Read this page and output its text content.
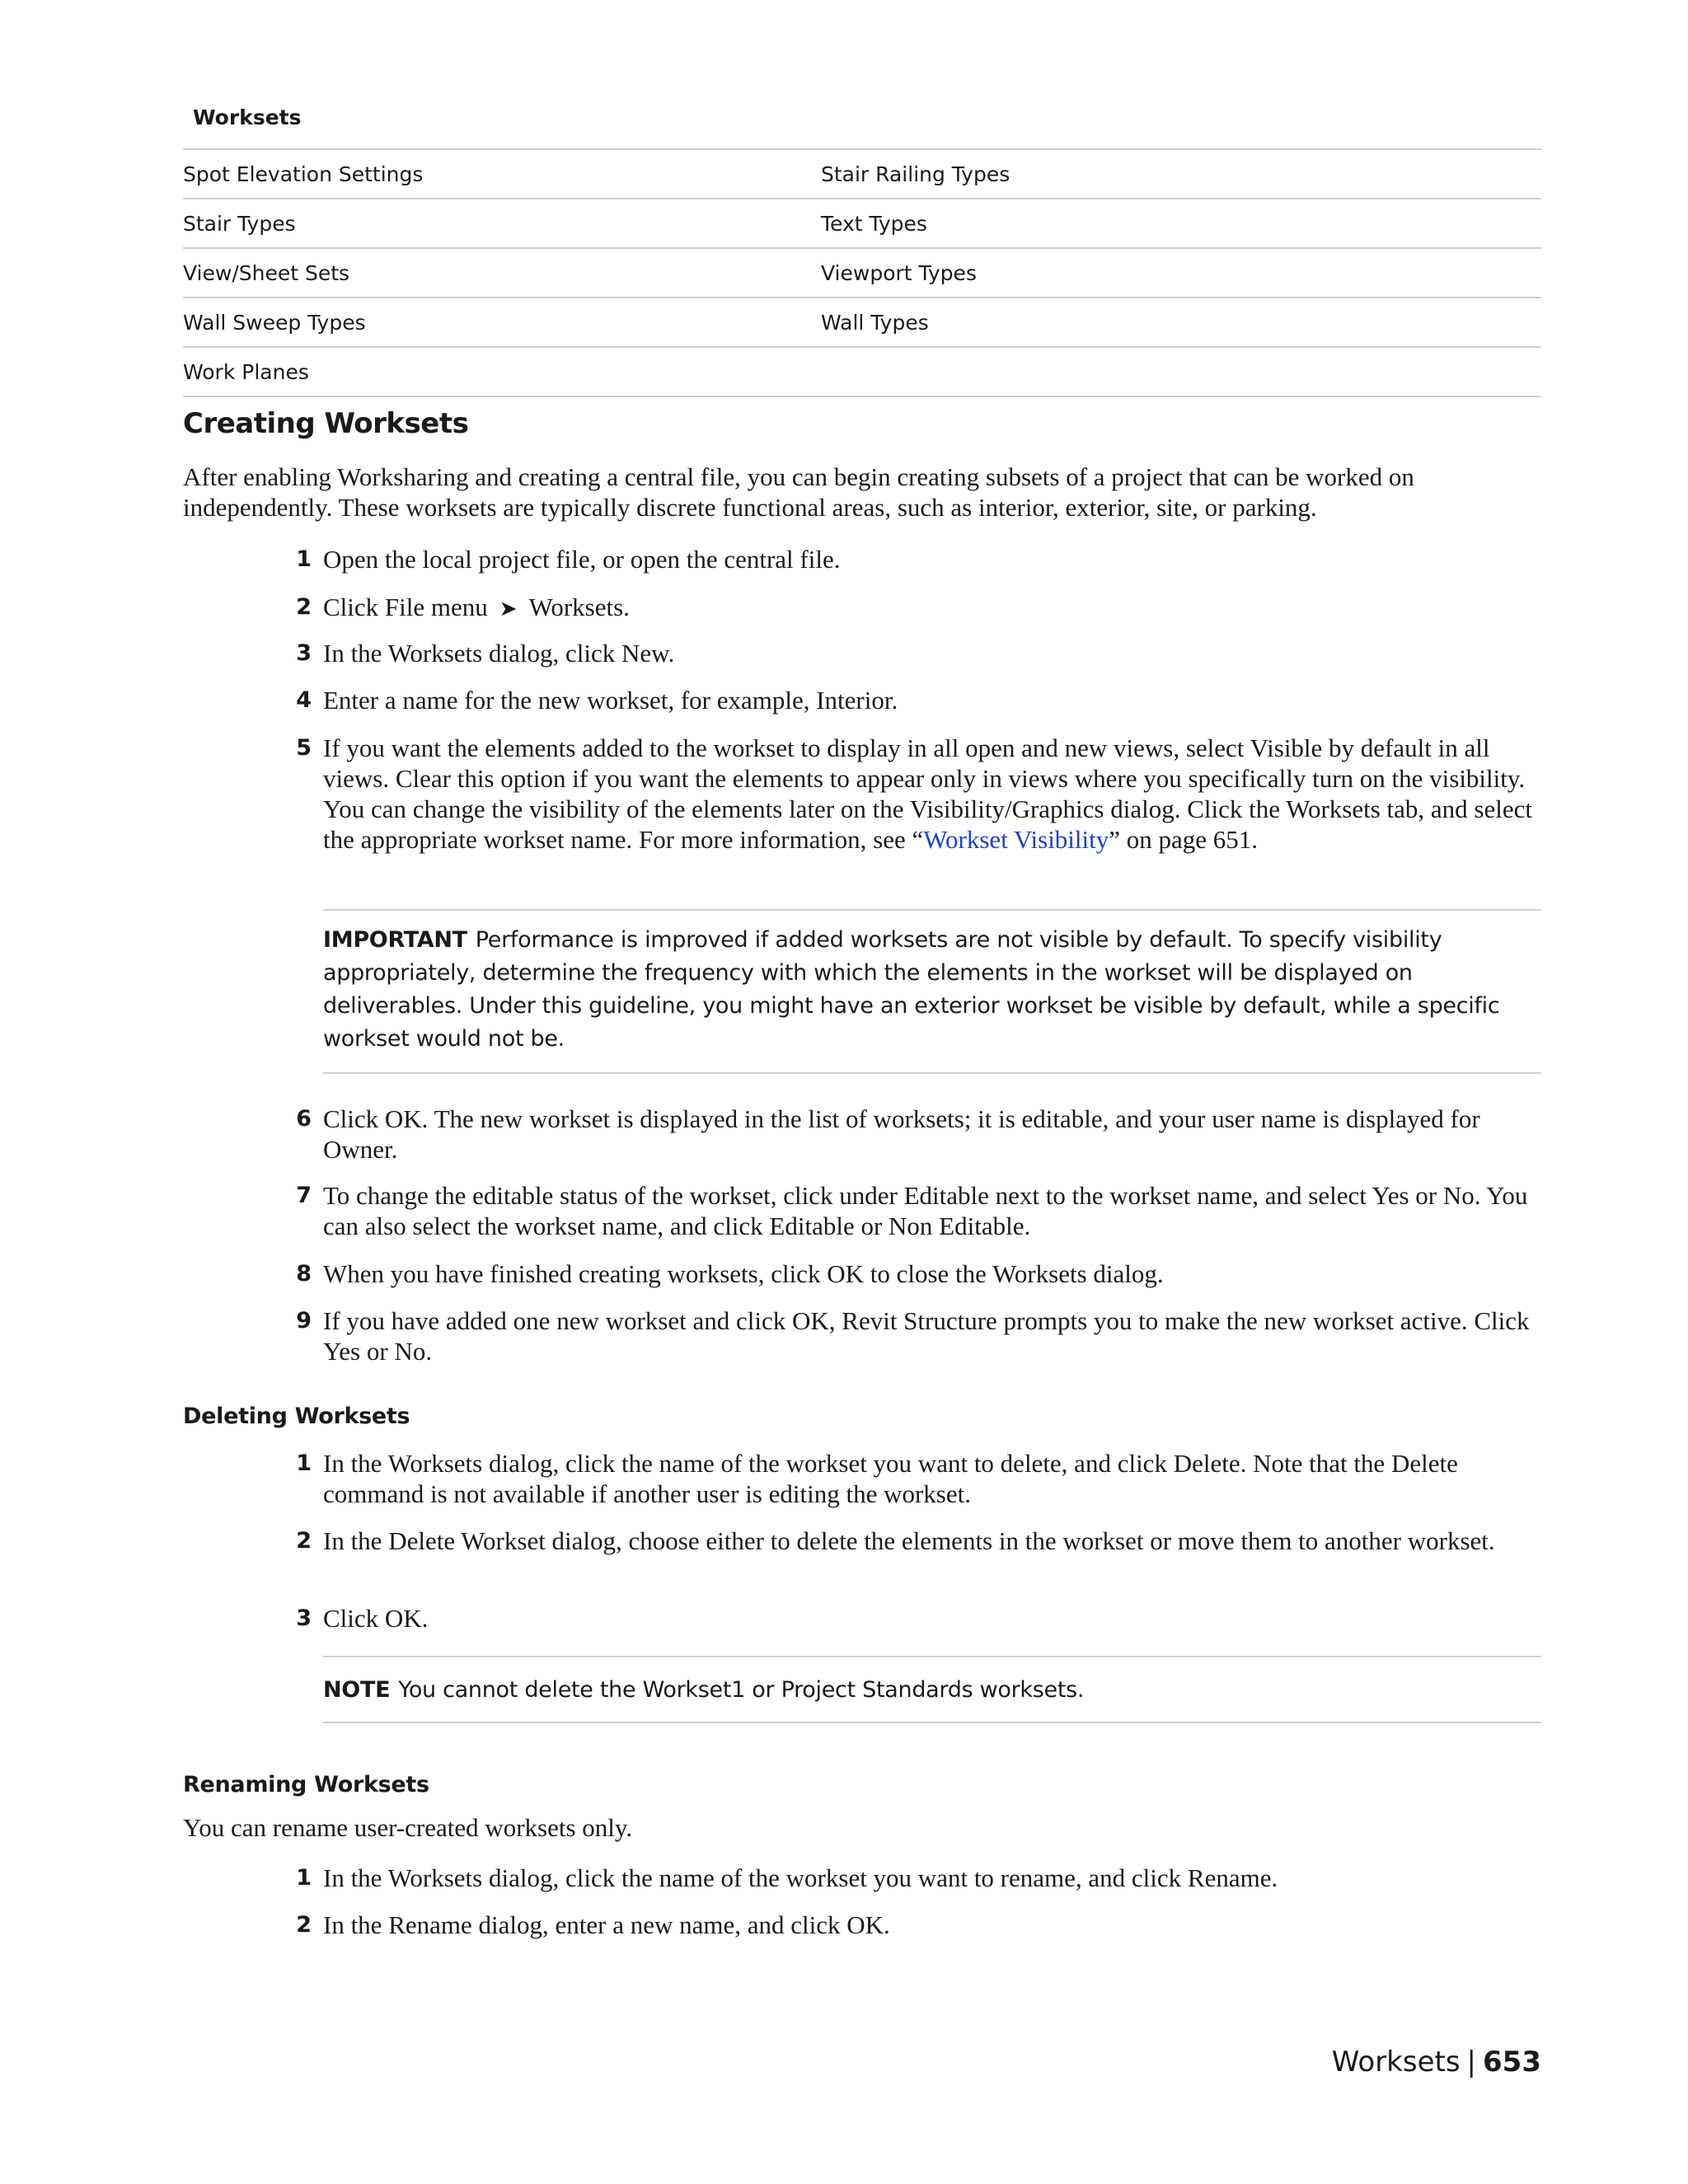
Worksets
Spot Elevation Settings	Stair Railing Types
Stair Types	Text Types
View/Sheet Sets	Viewport Types
Wall Sweep Types	Wall Types
Work Planes	
Creating Worksets

After enabling Worksharing and creating a central file, you can begin creating subsets of a project that can be worked on independently. These worksets are typically discrete functional areas, such as interior, exterior, site, or parking.

1 Open the local project file, or open the central file.

2 Click File menu ➤ Worksets.

3 In the Worksets dialog, click New.

4 Enter a name for the new workset, for example, Interior.

5 If you want the elements added to the workset to display in all open and new views, select Visible by default in all views. Clear this option if you want the elements to appear only in views where you specifically turn on the visibility. You can change the visibility of the elements later on the Visibility/Graphics dialog. Click the Worksets tab, and select the appropriate workset name. For more information, see “Workset Visibility” on page 651.

IMPORTANT Performance is improved if added worksets are not visible by default. To specify visibility appropriately, determine the frequency with which the elements in the workset will be displayed on deliverables. Under this guideline, you might have an exterior workset be visible by default, while a specific workset would not be.

6 Click OK. The new workset is displayed in the list of worksets; it is editable, and your user name is displayed for Owner.

7 To change the editable status of the workset, click under Editable next to the workset name, and select Yes or No. You can also select the workset name, and click Editable or Non Editable.

8 When you have finished creating worksets, click OK to close the Worksets dialog.

9 If you have added one new workset and click OK, Revit Structure prompts you to make the new workset active. Click Yes or No.

Deleting Worksets
1 In the Worksets dialog, click the name of the workset you want to delete, and click Delete. Note that the Delete command is not available if another user is editing the workset.

2 In the Delete Workset dialog, choose either to delete the elements in the workset or move them to another workset.

3 Click OK.

NOTE You cannot delete the Workset1 or Project Standards worksets.

Renaming Worksets

You can rename user-created worksets only.

1 In the Worksets dialog, click the name of the workset you want to rename, and click Rename.

2 In the Rename dialog, enter a new name, and click OK.

Worksets | 653
